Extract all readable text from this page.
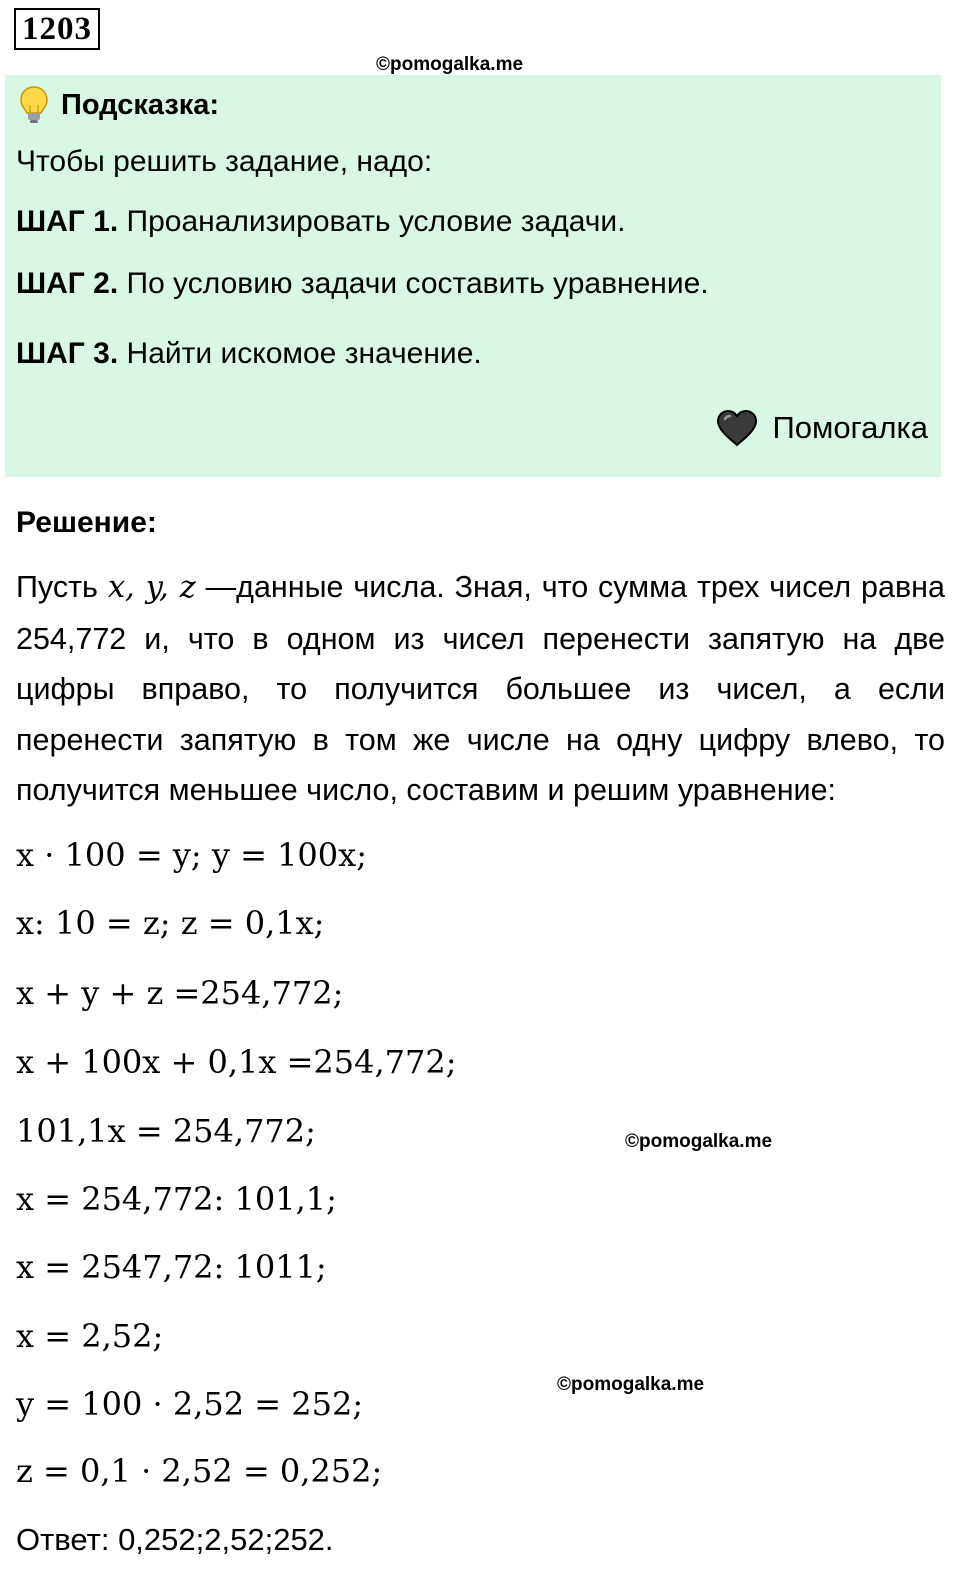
1203
©pomogalka.me
Подсказка:
Чтобы решить задание, надо:
ШАГ 1. Проанализировать условие задачи.
ШАГ 2. По условию задачи составить уравнение.
ШАГ 3. Найти искомое значение.
Помогалка
Решение:
Пусть x, y, z —данные числа. Зная, что сумма трех чисел равна 254,772 и, что в одном из чисел перенести запятую на две цифры вправо, то получится большее из чисел, а если перенести запятую в том же числе на одну цифру влево, то получится меньшее число, составим и решим уравнение:
x · 100 = y; y = 100x;
x: 10 = z; z = 0,1x;
x + y + z =254,772;
x + 100x + 0,1x =254,772;
101,1x = 254,772;
x = 254,772: 101,1;
x = 2547,72: 1011;
x = 2,52;
y = 100 · 2,52 = 252;
z = 0,1 · 2,52 = 0,252;
©pomogalka.me
©pomogalka.me
Ответ: 0,252;2,52;252.
